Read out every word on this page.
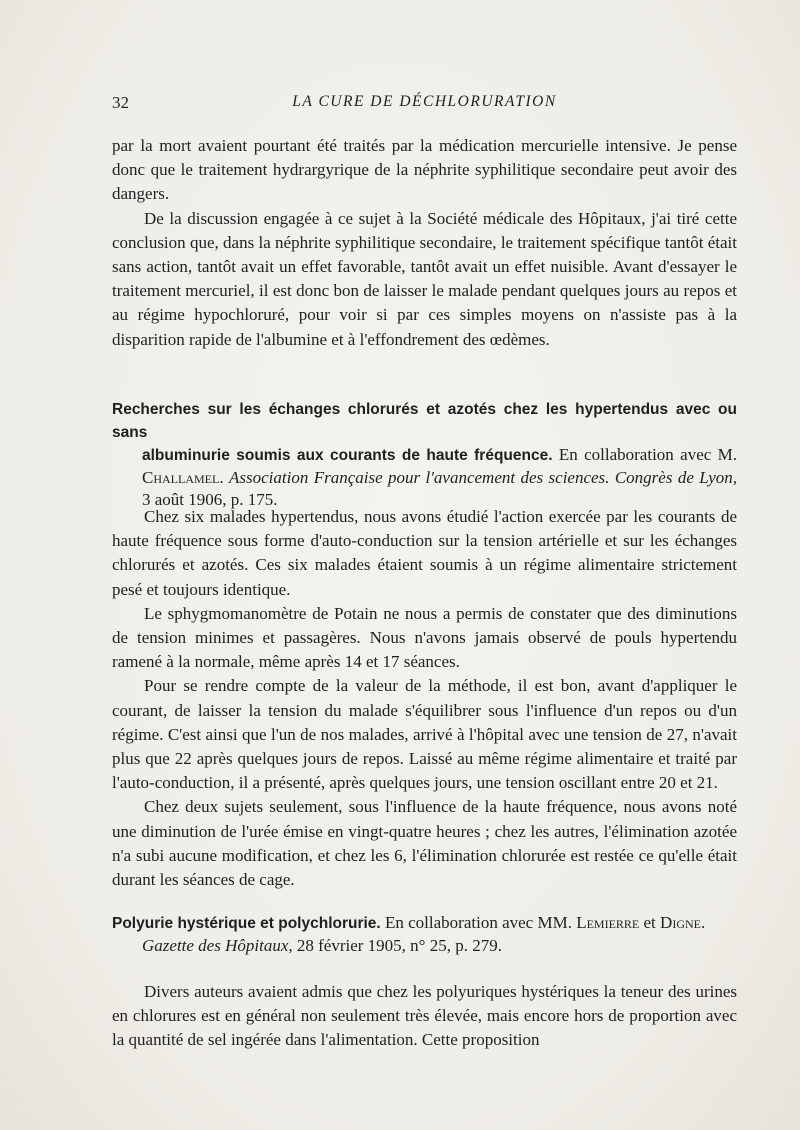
32	LA CURE DE DÉCHLORURATION

par la mort avaient pourtant été traités par la médication mercurielle intensive. Je pense donc que le traitement hydrargyrique de la néphrite syphilitique secondaire peut avoir des dangers.

De la discussion engagée à ce sujet à la Société médicale des Hôpitaux, j'ai tiré cette conclusion que, dans la néphrite syphilitique secondaire, le traitement spécifique tantôt était sans action, tantôt avait un effet favorable, tantôt avait un effet nuisible. Avant d'essayer le traitement mercuriel, il est donc bon de laisser le malade pendant quelques jours au repos et au régime hypochloruré, pour voir si par ces simples moyens on n'assiste pas à la disparition rapide de l'albumine et à l'effondrement des œdèmes.

Recherches sur les échanges chlorurés et azotés chez les hypertendus avec ou sans
albuminurie soumis aux courants de haute fréquence. En collaboration avec M. Challamel. Association Française pour l'avancement des sciences. Congrès de Lyon, 3 août 1906, p. 175.

Chez six malades hypertendus, nous avons étudié l'action exercée par les courants de haute fréquence sous forme d'auto-conduction sur la tension artérielle et sur les échanges chlorurés et azotés. Ces six malades étaient soumis à un régime alimentaire strictement pesé et toujours identique.

Le sphygmomanomètre de Potain ne nous a permis de constater que des diminutions de tension minimes et passagères. Nous n'avons jamais observé de pouls hypertendu ramené à la normale, même après 14 et 17 séances.

Pour se rendre compte de la valeur de la méthode, il est bon, avant d'appliquer le courant, de laisser la tension du malade s'équilibrer sous l'influence d'un repos ou d'un régime. C'est ainsi que l'un de nos malades, arrivé à l'hôpital avec une tension de 27, n'avait plus que 22 après quelques jours de repos. Laissé au même régime alimentaire et traité par l'auto-conduction, il a présenté, après quelques jours, une tension oscillant entre 20 et 21.

Chez deux sujets seulement, sous l'influence de la haute fréquence, nous avons noté une diminution de l'urée émise en vingt-quatre heures ; chez les autres, l'élimination azotée n'a subi aucune modification, et chez les 6, l'élimination chlorurée est restée ce qu'elle était durant les séances de cage.

Polyurie hystérique et polychlorurie. En collaboration avec MM. Lemierre et Digne.
Gazette des Hôpitaux, 28 février 1905, n° 25, p. 279.

Divers auteurs avaient admis que chez les polyuriques hystériques la teneur des urines en chlorures est en général non seulement très élevée, mais encore hors de proportion avec la quantité de sel ingérée dans l'alimentation. Cette proposition
